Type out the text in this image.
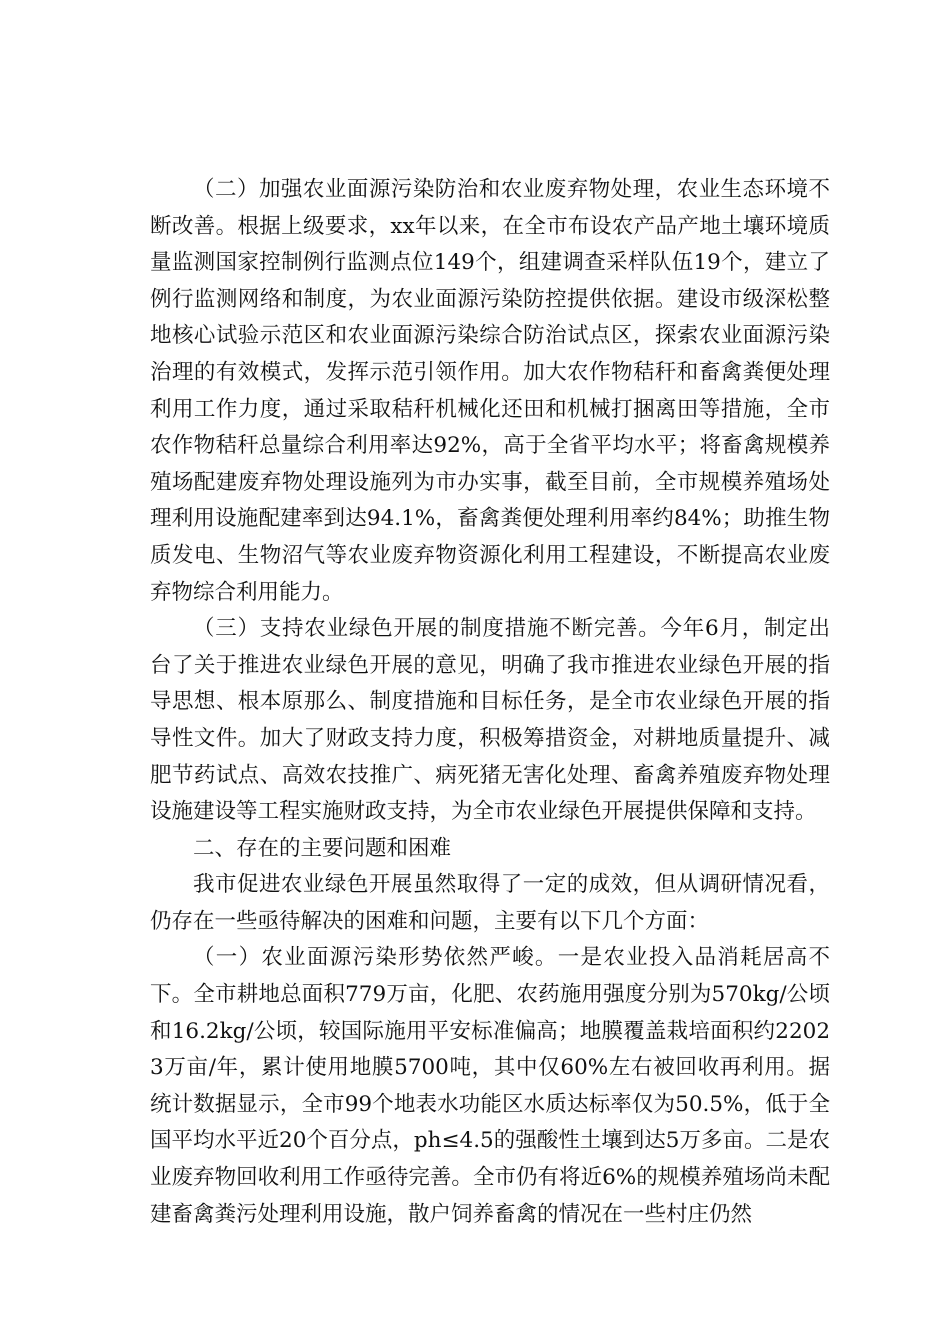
（二）加强农业面源污染防治和农业废弃物处理，农业生态环境不断改善。根据上级要求，xx年以来，在全市布设农产品产地土壤环境质量监测国家控制例行监测点位149个，组建调查采样队伍19个，建立了例行监测网络和制度，为农业面源污染防控提供依据。建设市级深松整地核心试验示范区和农业面源污染综合防治试点区，探索农业面源污染治理的有效模式，发挥示范引领作用。加大农作物秸秆和畜禽粪便处理利用工作力度，通过采取秸秆机械化还田和机械打捆离田等措施，全市农作物秸秆总量综合利用率达92%，高于全省平均水平；将畜禽规模养殖场配建废弃物处理设施列为市办实事，截至目前，全市规模养殖场处理利用设施配建率到达94.1%，畜禽粪便处理利用率约84%；助推生物质发电、生物沼气等农业废弃物资源化利用工程建设，不断提高农业废弃物综合利用能力。

（三）支持农业绿色开展的制度措施不断完善。今年6月，制定出台了关于推进农业绿色开展的意见，明确了我市推进农业绿色开展的指导思想、根本原那么、制度措施和目标任务，是全市农业绿色开展的指导性文件。加大了财政支持力度，积极筹措资金，对耕地质量提升、减肥节药试点、高效农技推广、病死猪无害化处理、畜禽养殖废弃物处理设施建设等工程实施财政支持，为全市农业绿色开展提供保障和支持。

二、存在的主要问题和困难

我市促进农业绿色开展虽然取得了一定的成效，但从调研情况看，仍存在一些亟待解决的困难和问题，主要有以下几个方面：

（一）农业面源污染形势依然严峻。一是农业投入品消耗居高不下。全市耕地总面积779万亩，化肥、农药施用强度分别为570kg/公顷和16.2kg/公顷，较国际施用平安标准偏高；地膜覆盖栽培面积约22023万亩/年，累计使用地膜5700吨，其中仅60%左右被回收再利用。据统计数据显示，全市99个地表水功能区水质达标率仅为50.5%，低于全国平均水平近20个百分点，ph≤4.5的强酸性土壤到达5万多亩。二是农业废弃物回收利用工作亟待完善。全市仍有将近6%的规模养殖场尚未配建畜禽粪污处理利用设施，散户饲养畜禽的情况在一些村庄仍然
